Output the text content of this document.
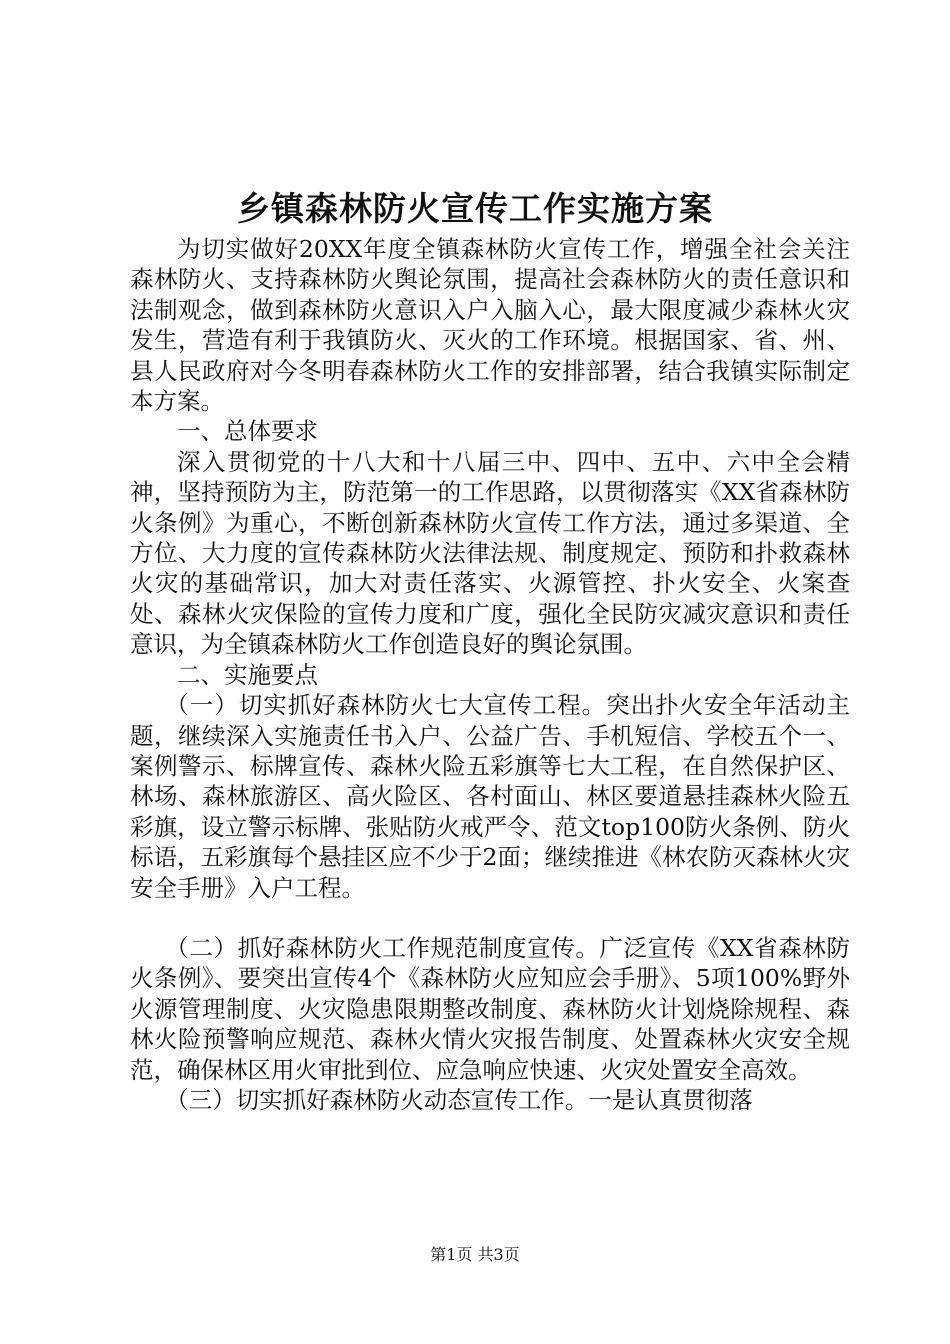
乡镇森林防火宣传工作实施方案

为切实做好20XX年度全镇森林防火宣传工作，增强全社会关注森林防火、支持森林防火舆论氛围，提高社会森林防火的责任意识和法制观念，做到森林防火意识入户入脑入心，最大限度减少森林火灾发生，营造有利于我镇防火、灭火的工作环境。根据国家、省、州、县人民政府对今冬明春森林防火工作的安排部署，结合我镇实际制定本方案。

一、总体要求

深入贯彻党的十八大和十八届三中、四中、五中、六中全会精神，坚持预防为主，防范第一的工作思路，以贯彻落实《XX省森林防火条例》为重心，不断创新森林防火宣传工作方法，通过多渠道、全方位、大力度的宣传森林防火法律法规、制度规定、预防和扑救森林火灾的基础常识，加大对责任落实、火源管控、扑火安全、火案查处、森林火灾保险的宣传力度和广度，强化全民防灾减灾意识和责任意识，为全镇森林防火工作创造良好的舆论氛围。

二、实施要点

（一）切实抓好森林防火七大宣传工程。突出扑火安全年活动主题，继续深入实施责任书入户、公益广告、手机短信、学校五个一、案例警示、标牌宣传、森林火险五彩旗等七大工程，在自然保护区、林场、森林旅游区、高火险区、各村面山、林区要道悬挂森林火险五彩旗，设立警示标牌、张贴防火戒严令、范文top100防火条例、防火标语，五彩旗每个悬挂区应不少于2面；继续推进《林农防灭森林火灾安全手册》入户工程。

（二）抓好森林防火工作规范制度宣传。广泛宣传《XX省森林防火条例》、要突出宣传4个《森林防火应知应会手册》、5项100%野外火源管理制度、火灾隐患限期整改制度、森林防火计划烧除规程、森林火险预警响应规范、森林火情火灾报告制度、处置森林火灾安全规范，确保林区用火审批到位、应急响应快速、火灾处置安全高效。

（三）切实抓好森林防火动态宣传工作。一是认真贯彻落

第1页 共3页
